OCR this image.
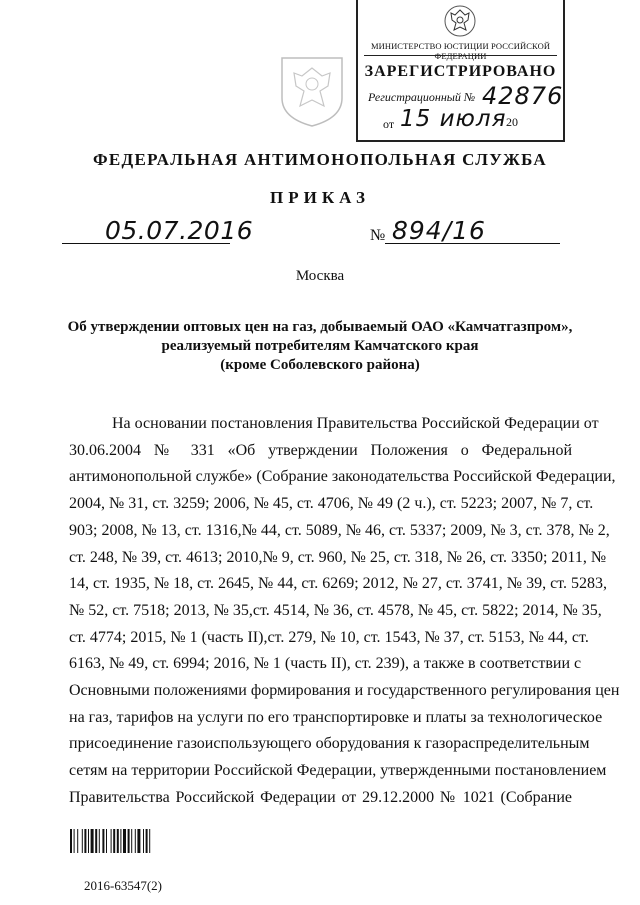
МИНИСТЕРСТВО ЮСТИЦИИ РОССИЙСКОЙ ФЕДЕРАЦИИ
ЗАРЕГИСТРИРОВАНО
Регистрационный № 42876
от 15 июля 20
ФЕДЕРАЛЬНАЯ АНТИМОНОПОЛЬНАЯ СЛУЖБА
ПРИКАЗ
05.07.2016	№ 894/16
Москва
Об утверждении оптовых цен на газ, добываемый ОАО «Камчатгазпром»,
реализуемый потребителям Камчатского края
(кроме Соболевского района)
На основании постановления Правительства Российской Федерации от
30.06.2004 № 331 «Об утверждении Положения о Федеральной
антимонопольной службе» (Собрание законодательства Российской Федерации,
2004, № 31, ст. 3259; 2006, № 45, ст. 4706, № 49 (2 ч.), ст. 5223; 2007, № 7, ст.
903; 2008, № 13, ст. 1316,№ 44, ст. 5089, № 46, ст. 5337; 2009, № 3, ст. 378, № 2,
ст. 248, № 39, ст. 4613; 2010,№ 9, ст. 960, № 25, ст. 318, № 26, ст. 3350; 2011, №
14, ст. 1935, № 18, ст. 2645, № 44, ст. 6269; 2012, № 27, ст. 3741, № 39, ст. 5283,
№ 52, ст. 7518; 2013, № 35,ст. 4514, № 36, ст. 4578, № 45, ст. 5822; 2014, № 35,
ст. 4774; 2015, № 1 (часть II),ст. 279, № 10, ст. 1543, № 37, ст. 5153, № 44, ст.
6163, № 49, ст. 6994; 2016, № 1 (часть II), ст. 239), а также в соответствии с
Основными положениями формирования и государственного регулирования цен
на газ, тарифов на услуги по его транспортировке и платы за технологическое
присоединение газоиспользующего оборудования к газораспределительным
сетям на территории Российской Федерации, утвержденными постановлением
Правительства Российской Федерации от 29.12.2000 № 1021 (Собрание
2016-63547(2)
